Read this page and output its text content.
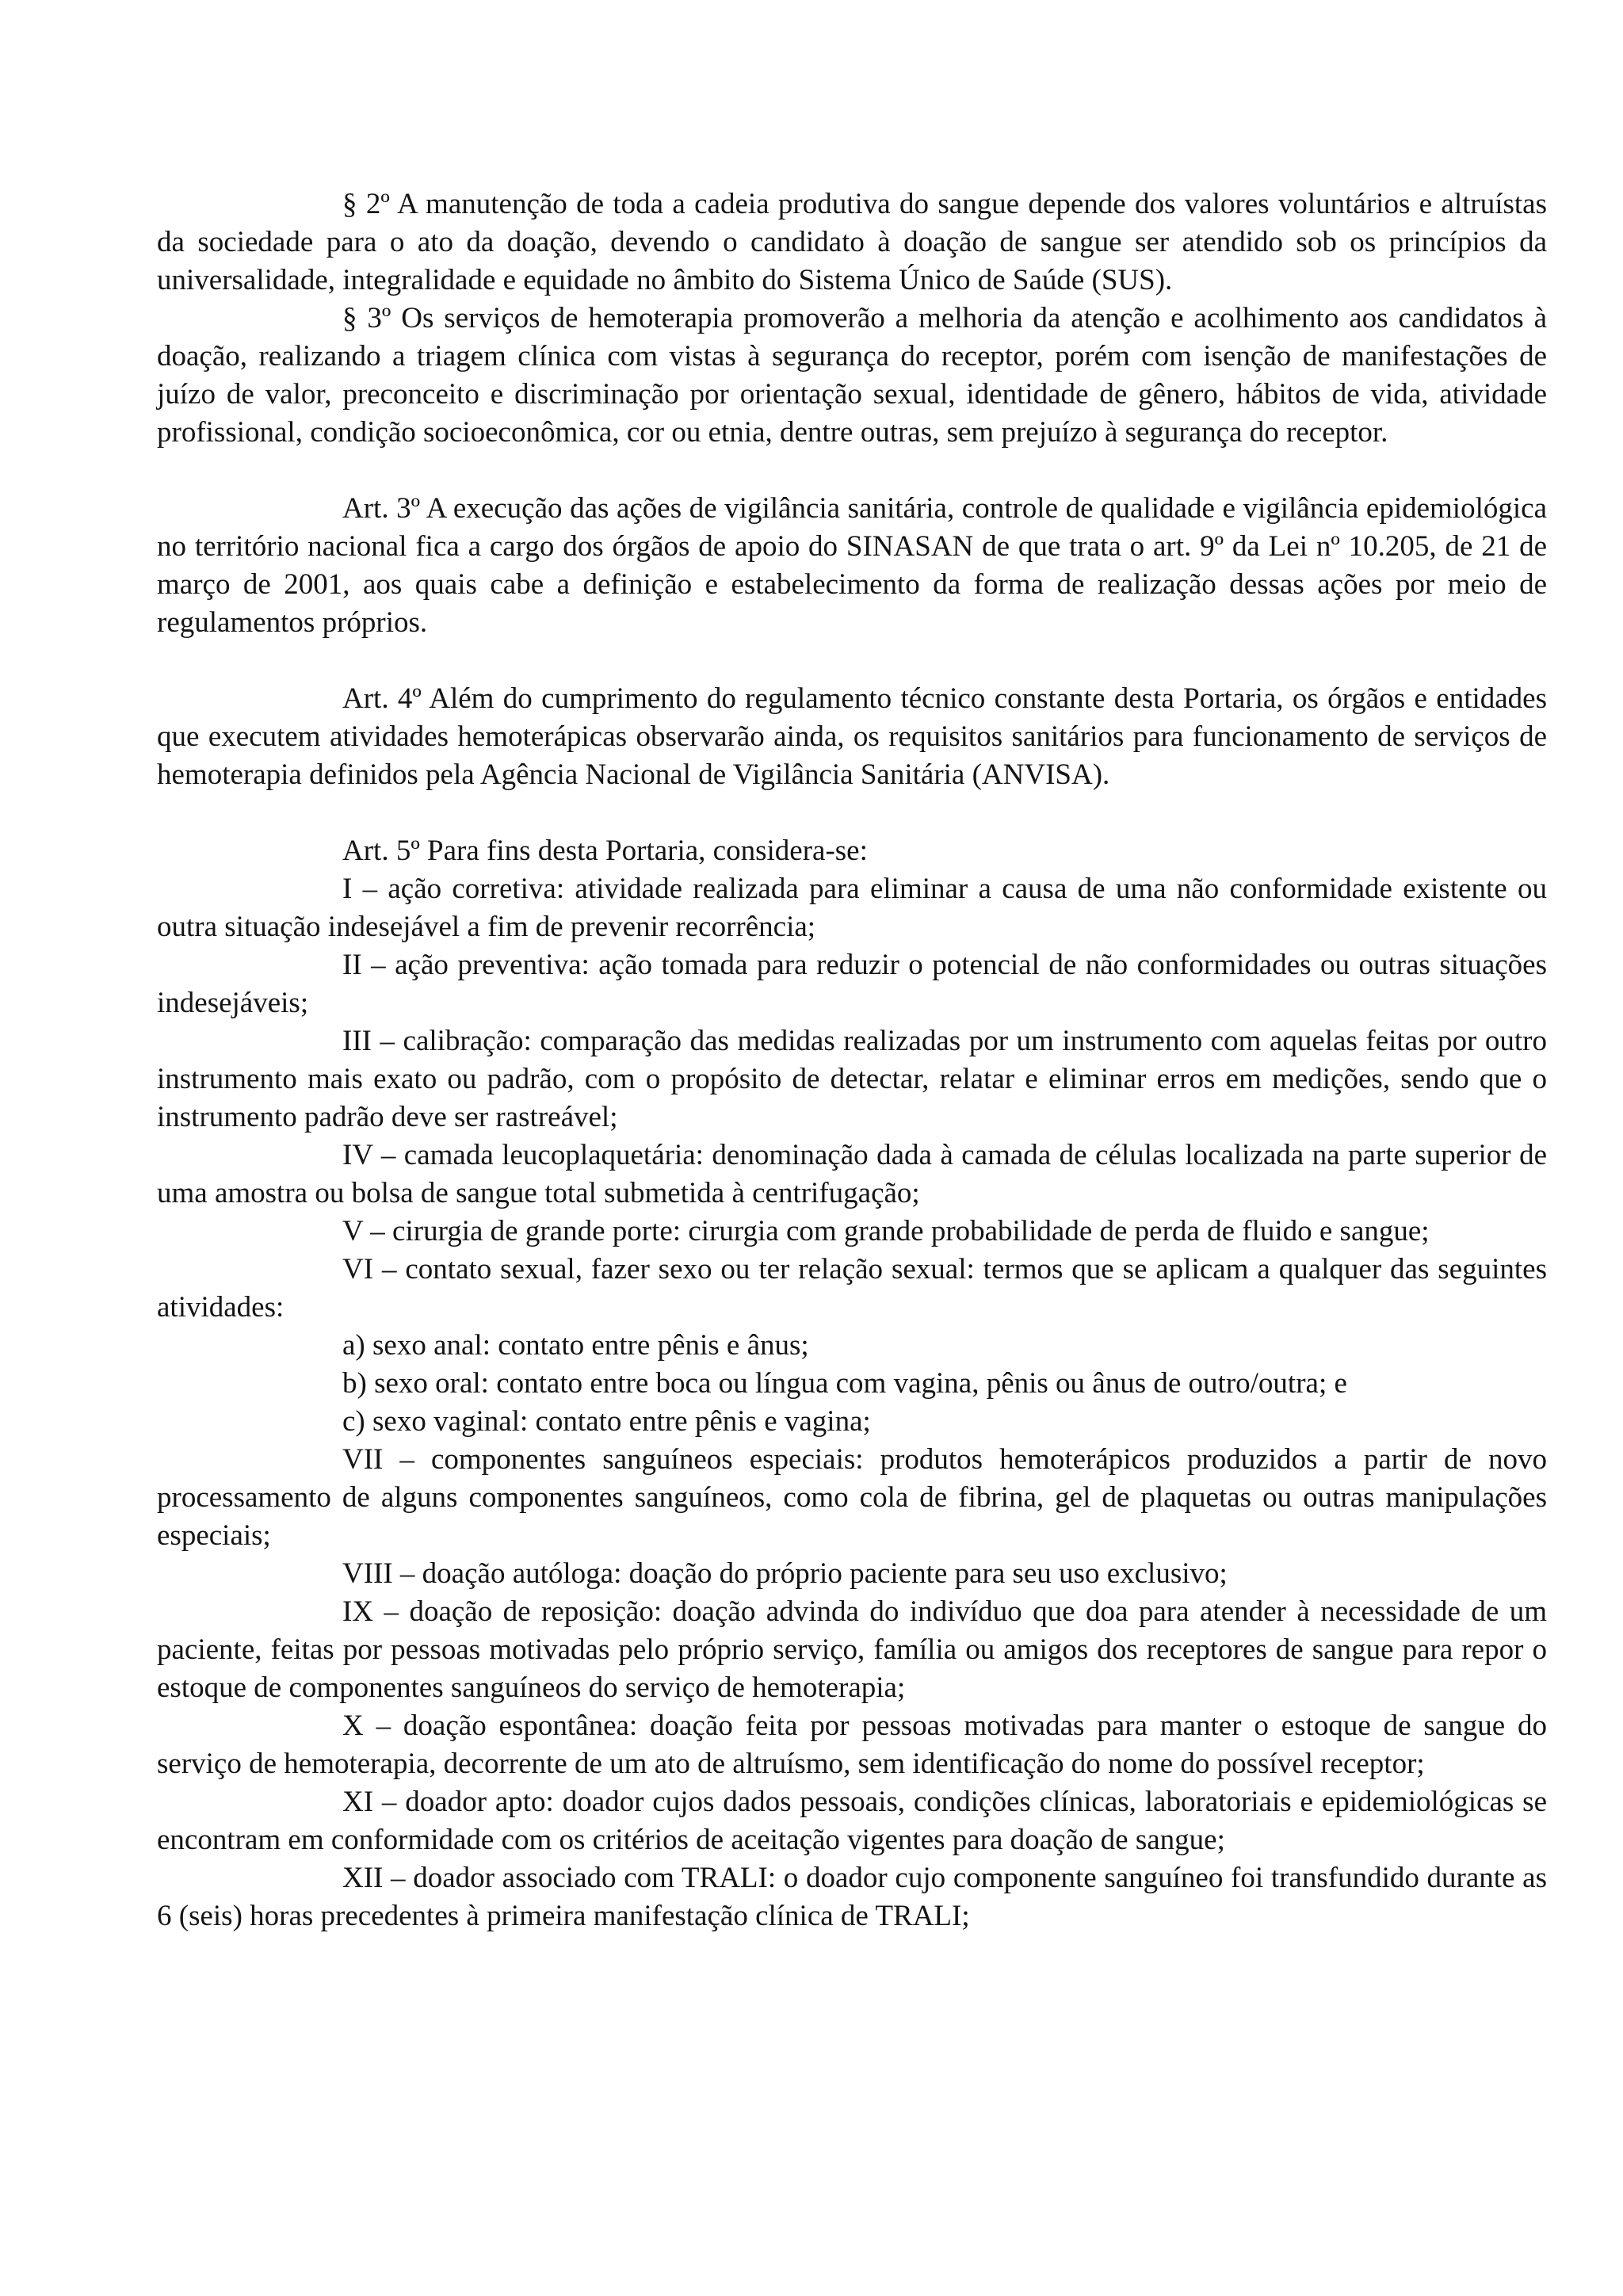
§ 2º A manutenção de toda a cadeia produtiva do sangue depende dos valores voluntários e altruístas da sociedade para o ato da doação, devendo o candidato à doação de sangue ser atendido sob os princípios da universalidade, integralidade e equidade no âmbito do Sistema Único de Saúde (SUS).

§ 3º Os serviços de hemoterapia promoverão a melhoria da atenção e acolhimento aos candidatos à doação, realizando a triagem clínica com vistas à segurança do receptor, porém com isenção de manifestações de juízo de valor, preconceito e discriminação por orientação sexual, identidade de gênero, hábitos de vida, atividade profissional, condição socioeconômica, cor ou etnia, dentre outras, sem prejuízo à segurança do receptor.

Art. 3º A execução das ações de vigilância sanitária, controle de qualidade e vigilância epidemiológica no território nacional fica a cargo dos órgãos de apoio do SINASAN de que trata o art. 9º da Lei nº 10.205, de 21 de março de 2001, aos quais cabe a definição e estabelecimento da forma de realização dessas ações por meio de regulamentos próprios.

Art. 4º Além do cumprimento do regulamento técnico constante desta Portaria, os órgãos e entidades que executem atividades hemoterápicas observarão ainda, os requisitos sanitários para funcionamento de serviços de hemoterapia definidos pela Agência Nacional de Vigilância Sanitária (ANVISA).

Art. 5º Para fins desta Portaria, considera-se:

I – ação corretiva: atividade realizada para eliminar a causa de uma não conformidade existente ou outra situação indesejável a fim de prevenir recorrência;

II – ação preventiva: ação tomada para reduzir o potencial de não conformidades ou outras situações indesejáveis;

III – calibração: comparação das medidas realizadas por um instrumento com aquelas feitas por outro instrumento mais exato ou padrão, com o propósito de detectar, relatar e eliminar erros em medições, sendo que o instrumento padrão deve ser rastreável;

IV – camada leucoplaquetária: denominação dada à camada de células localizada na parte superior de uma amostra ou bolsa de sangue total submetida à centrifugação;

V – cirurgia de grande porte: cirurgia com grande probabilidade de perda de fluido e sangue;

VI – contato sexual, fazer sexo ou ter relação sexual: termos que se aplicam a qualquer das seguintes atividades:

a) sexo anal: contato entre pênis e ânus;

b) sexo oral: contato entre boca ou língua com vagina, pênis ou ânus de outro/outra; e

c) sexo vaginal: contato entre pênis e vagina;

VII – componentes sanguíneos especiais: produtos hemoterápicos produzidos a partir de novo processamento de alguns componentes sanguíneos, como cola de fibrina, gel de plaquetas ou outras manipulações especiais;

VIII – doação autóloga: doação do próprio paciente para seu uso exclusivo;

IX – doação de reposição: doação advinda do indivíduo que doa para atender à necessidade de um paciente, feitas por pessoas motivadas pelo próprio serviço, família ou amigos dos receptores de sangue para repor o estoque de componentes sanguíneos do serviço de hemoterapia;

X – doação espontânea: doação feita por pessoas motivadas para manter o estoque de sangue do serviço de hemoterapia, decorrente de um ato de altruísmo, sem identificação do nome do possível receptor;

XI – doador apto: doador cujos dados pessoais, condições clínicas, laboratoriais e epidemiológicas se encontram em conformidade com os critérios de aceitação vigentes para doação de sangue;

XII – doador associado com TRALI: o doador cujo componente sanguíneo foi transfundido durante as 6 (seis) horas precedentes à primeira manifestação clínica de TRALI;
